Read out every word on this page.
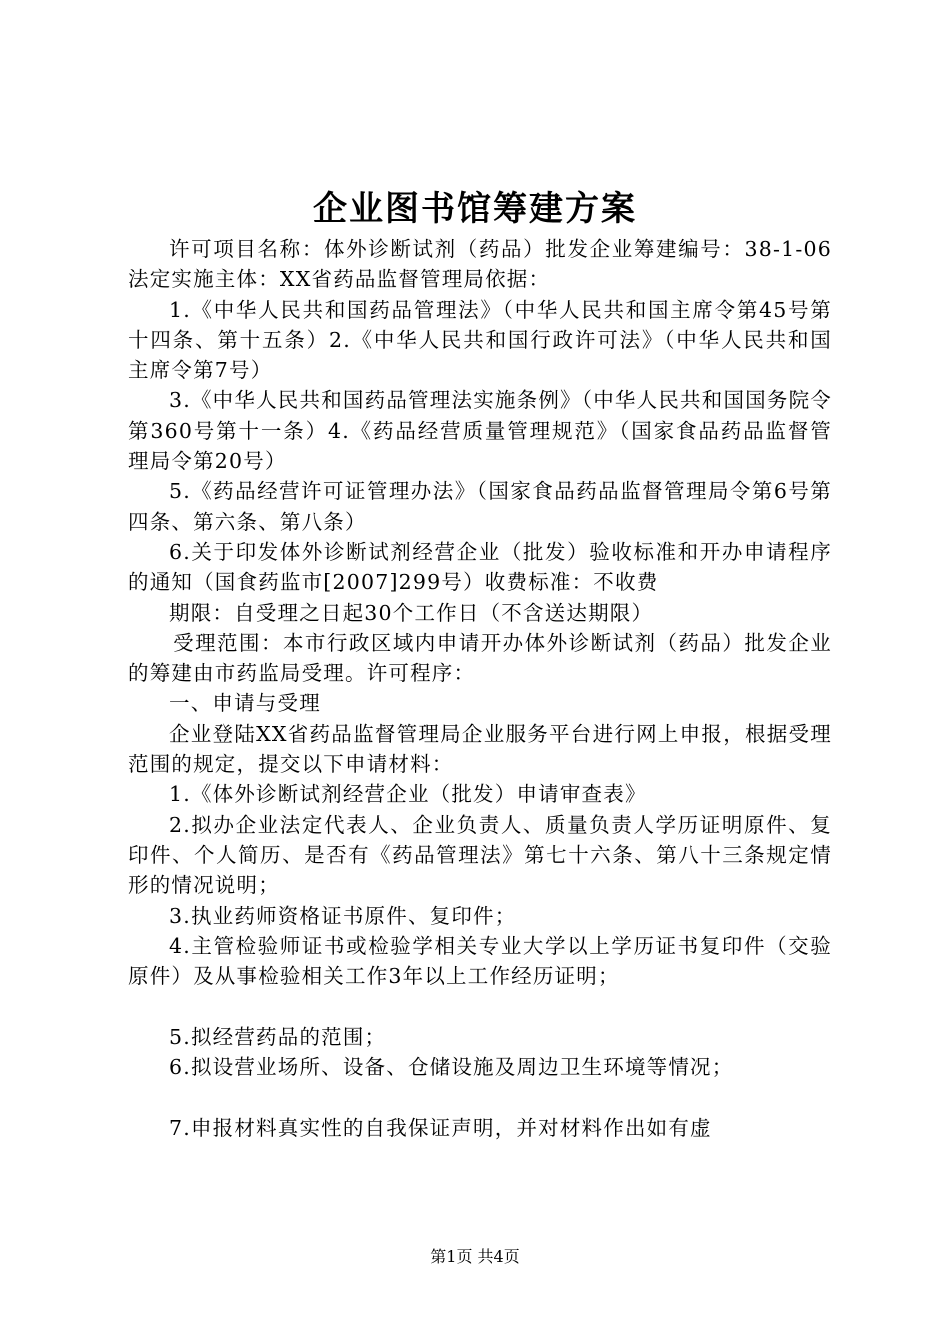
企业图书馆筹建方案

许可项目名称：体外诊断试剂（药品）批发企业筹建编号：38-1-06法定实施主体：XX省药品监督管理局依据：

1.《中华人民共和国药品管理法》（中华人民共和国主席令第45号第十四条、第十五条）2.《中华人民共和国行政许可法》（中华人民共和国主席令第7号）

3.《中华人民共和国药品管理法实施条例》（中华人民共和国国务院令第360号第十一条）4.《药品经营质量管理规范》（国家食品药品监督管理局令第20号）

5.《药品经营许可证管理办法》（国家食品药品监督管理局令第6号第四条、第六条、第八条）

6.关于印发体外诊断试剂经营企业（批发）验收标准和开办申请程序的通知（国食药监市[2007]299号）收费标准：不收费

期限：自受理之日起30个工作日（不含送达期限）

受理范围：本市行政区域内申请开办体外诊断试剂（药品）批发企业的筹建由市药监局受理。许可程序：

一、申请与受理

企业登陆XX省药品监督管理局企业服务平台进行网上申报，根据受理范围的规定，提交以下申请材料：

1.《体外诊断试剂经营企业（批发）申请审查表》

2.拟办企业法定代表人、企业负责人、质量负责人学历证明原件、复印件、个人简历、是否有《药品管理法》第七十六条、第八十三条规定情形的情况说明；

3.执业药师资格证书原件、复印件；

4.主管检验师证书或检验学相关专业大学以上学历证书复印件（交验原件）及从事检验相关工作3年以上工作经历证明；

5.拟经营药品的范围；

6.拟设营业场所、设备、仓储设施及周边卫生环境等情况；

7.申报材料真实性的自我保证声明，并对材料作出如有虚

第1页 共4页
